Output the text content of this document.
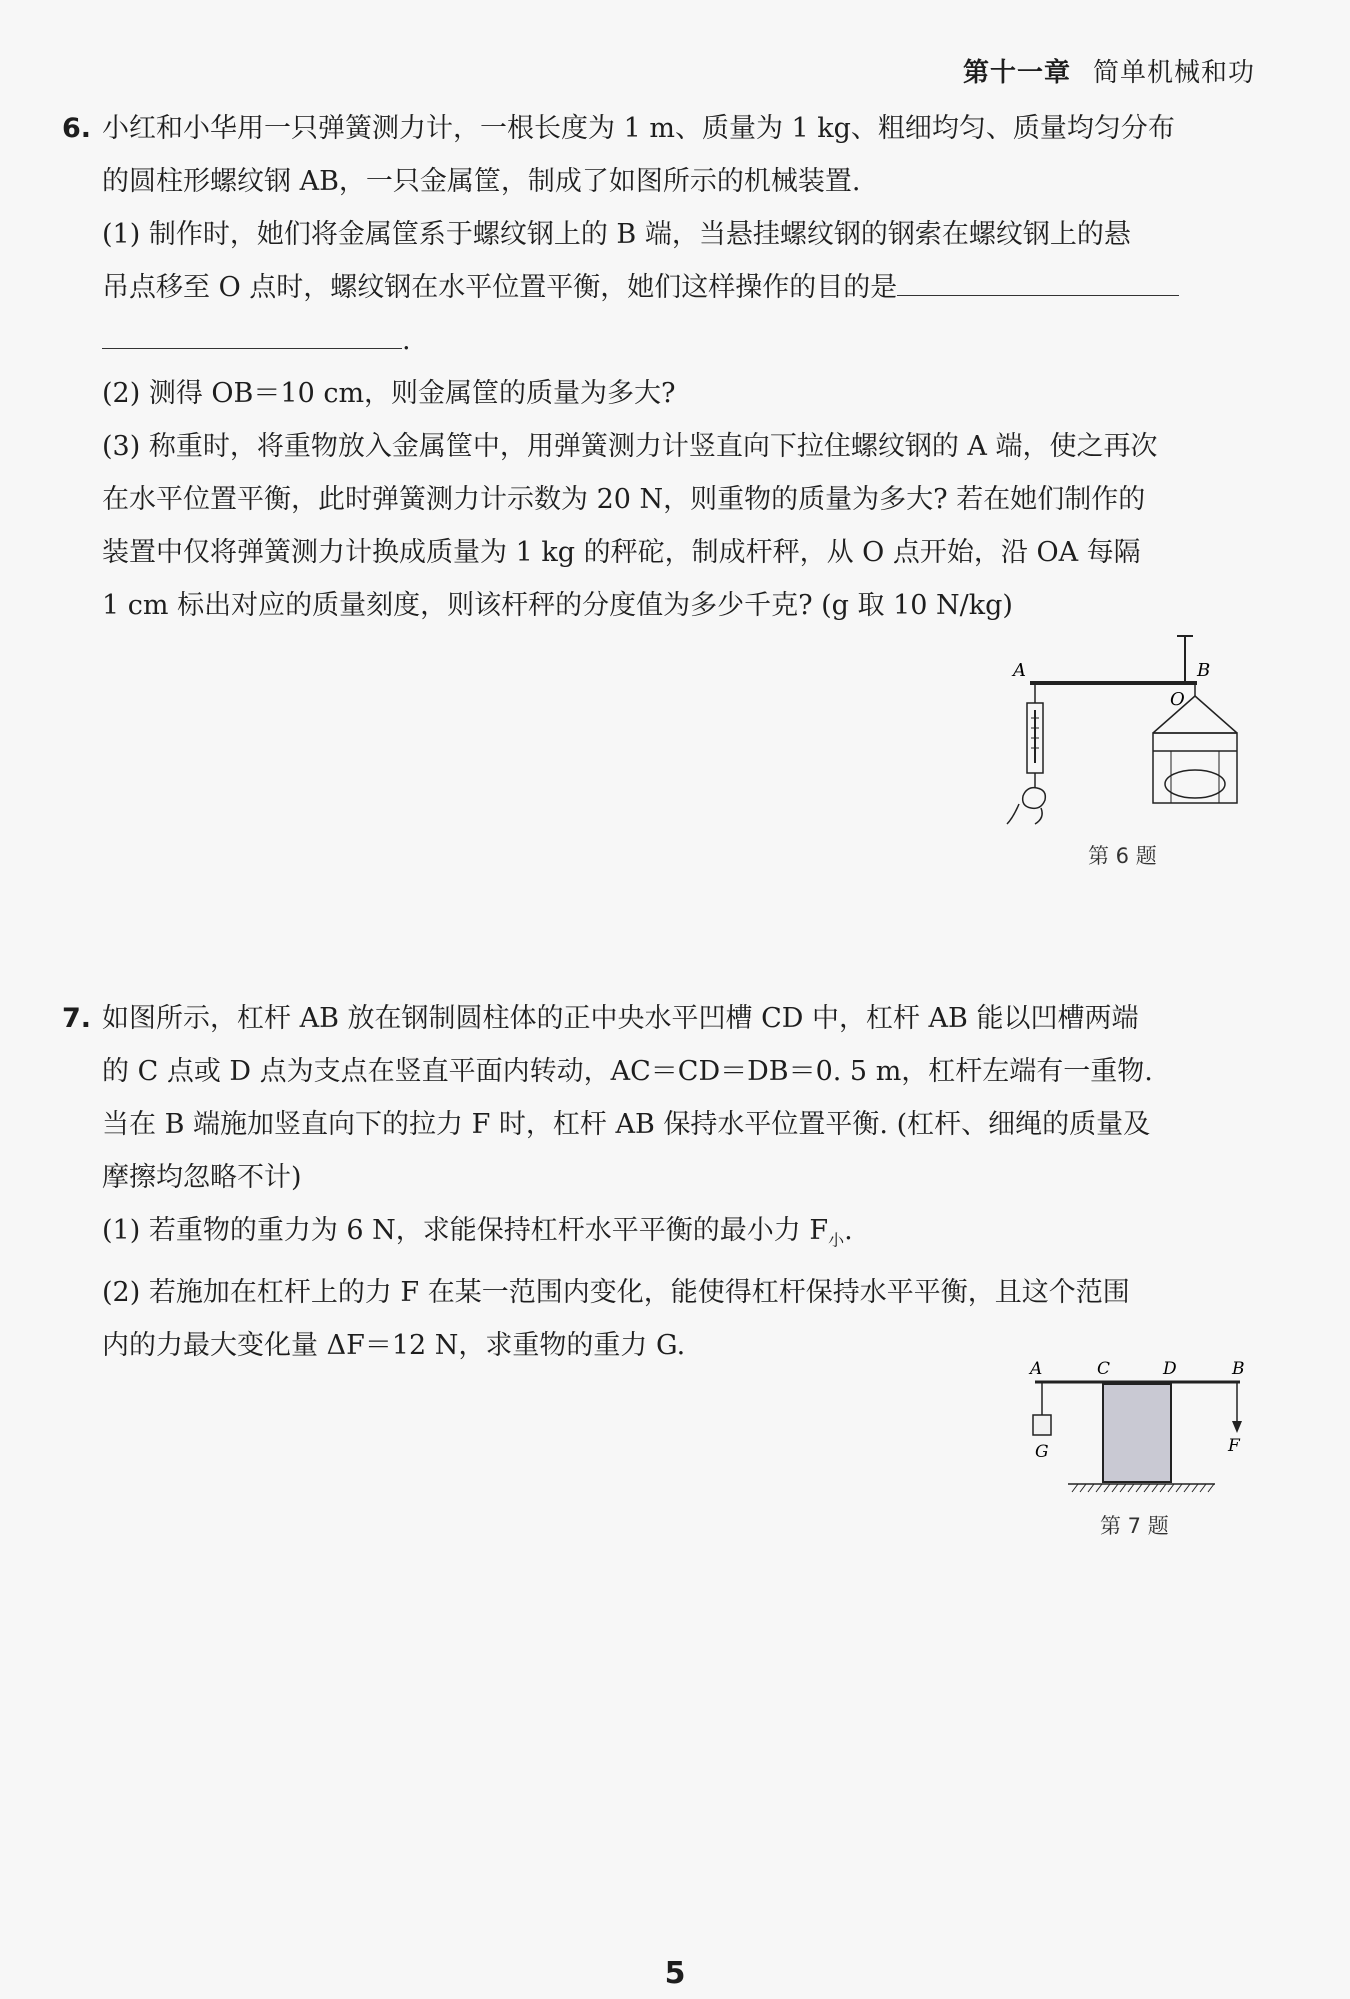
第十一章 简单机械和功

6. 小红和小华用一只弹簧测力计，一根长度为 1 m、质量为 1 kg、粗细均匀、质量均匀分布

的圆柱形螺纹钢 AB，一只金属筐，制成了如图所示的机械装置.

(1) 制作时，她们将金属筐系于螺纹钢上的 B 端，当悬挂螺纹钢的钢索在螺纹钢上的悬

吊点移至 O 点时，螺纹钢在水平位置平衡，她们这样操作的目的是

.

(2) 测得 OB＝10 cm，则金属筐的质量为多大?

(3) 称重时，将重物放入金属筐中，用弹簧测力计竖直向下拉住螺纹钢的 A 端，使之再次

在水平位置平衡，此时弹簧测力计示数为 20 N，则重物的质量为多大? 若在她们制作的

装置中仅将弹簧测力计换成质量为 1 kg 的秤砣，制成杆秤，从 O 点开始，沿 OA 每隔

1 cm 标出对应的质量刻度，则该杆秤的分度值为多少千克? (g 取 10 N/kg)

A	B
O
第 6 题

7. 如图所示，杠杆 AB 放在钢制圆柱体的正中央水平凹槽 CD 中，杠杆 AB 能以凹槽两端

的 C 点或 D 点为支点在竖直平面内转动，AC＝CD＝DB＝0. 5 m，杠杆左端有一重物.

当在 B 端施加竖直向下的拉力 F 时，杠杆 AB 保持水平位置平衡. (杠杆、细绳的质量及

摩擦均忽略不计)

(1) 若重物的重力为 6 N，求能保持杠杆水平平衡的最小力 $F_小$.

(2) 若施加在杠杆上的力 F 在某一范围内变化，能使得杠杆保持水平平衡，且这个范围

内的力最大变化量 ΔF＝12 N，求重物的重力 G.

A	C	D	B
G	F
第 7 题
5
